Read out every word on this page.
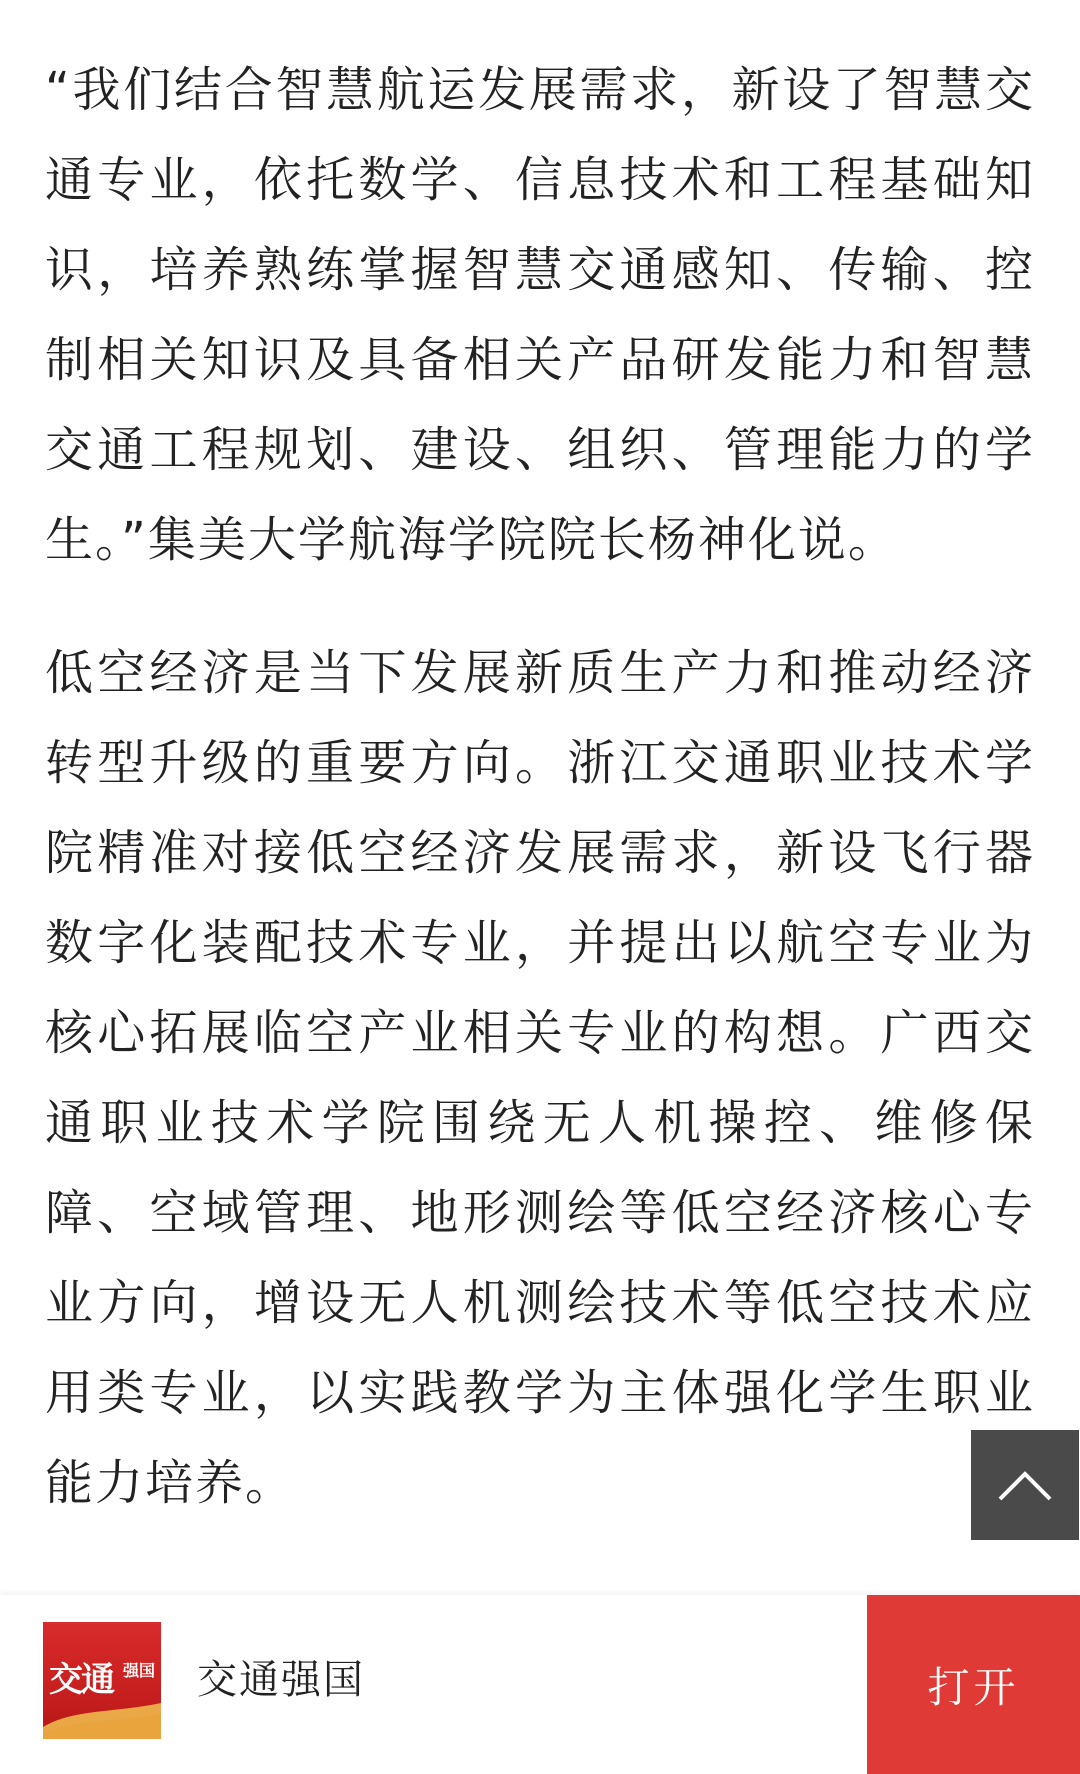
“我们结合智慧航运发展需求，新设了智慧交通专业，依托数学、信息技术和工程基础知识，培养熟练掌握智慧交通感知、传输、控制相关知识及具备相关产品研发能力和智慧交通工程规划、建设、组织、管理能力的学生。”集美大学航海学院院长杨神化说。

低空经济是当下发展新质生产力和推动经济转型升级的重要方向。浙江交通职业技术学院精准对接低空经济发展需求，新设飞行器数字化装配技术专业，并提出以航空专业为核心拓展临空产业相关专业的构想。广西交通职业技术学院围绕无人机操控、维修保障、空域管理、地形测绘等低空经济核心专业方向，增设无人机测绘技术等低空技术应用类专业，以实践教学为主体强化学生职业能力培养。

交通 强国 交通强国	打开
